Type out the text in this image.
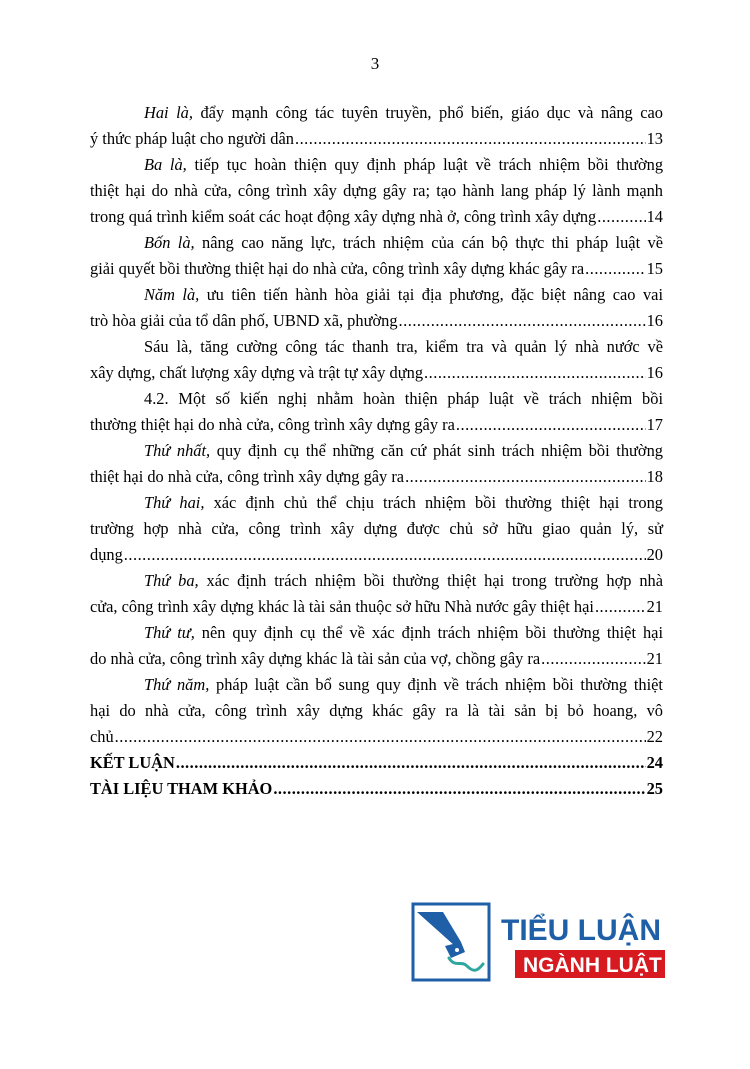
3
Hai là, đẩy mạnh công tác tuyên truyền, phổ biến, giáo dục và nâng cao
ý thức pháp luật cho người dân .....	13
Ba là, tiếp tục hoàn thiện quy định pháp luật về trách nhiệm bồi thường
thiệt hại do nhà cửa, công trình xây dựng gây ra; tạo hành lang pháp lý lành mạnh
trong quá trình kiểm soát các hoạt động xây dựng nhà ở, công trình xây dựng .....	14
Bốn là, nâng cao năng lực, trách nhiệm của cán bộ thực thi pháp luật về
giải quyết bồi thường thiệt hại do nhà cửa, công trình xây dựng khác gây ra .....	15
Năm là, ưu tiên tiến hành hòa giải tại địa phương, đặc biệt nâng cao vai
trò hòa giải của tổ dân phố, UBND xã, phường .....	16
Sáu là, tăng cường công tác thanh tra, kiểm tra và quản lý nhà nước về
xây dựng, chất lượng xây dựng và trật tự xây dựng .....	16
4.2. Một số kiến nghị nhằm hoàn thiện pháp luật về trách nhiệm bồi
thường thiệt hại do nhà cửa, công trình xây dựng gây ra .....	17
Thứ nhất, quy định cụ thể những căn cứ phát sinh trách nhiệm bồi thường
thiệt hại do nhà cửa, công trình xây dựng gây ra .....	18
Thứ hai, xác định chủ thể chịu trách nhiệm bồi thường thiệt hại trong
trường hợp nhà cửa, công trình xây dựng được chủ sở hữu giao quản lý, sử
dụng .....	20
Thứ ba, xác định trách nhiệm bồi thường thiệt hại trong trường hợp nhà
cửa, công trình xây dựng khác là tài sản thuộc sở hữu Nhà nước gây thiệt hại .....	21
Thứ tư, nên quy định cụ thể về xác định trách nhiệm bồi thường thiệt hại
do nhà cửa, công trình xây dựng khác là tài sản của vợ, chồng gây ra .....	21
Thứ năm, pháp luật cần bổ sung quy định về trách nhiệm bồi thường thiệt
hại do nhà cửa, công trình xây dựng khác gây ra là tài sản bị bỏ hoang, vô
chủ .....	22
KẾT LUẬN .....	24
TÀI LIỆU THAM KHẢO .....	25
TIỂU LUẬN
NGÀNH LUẬT
